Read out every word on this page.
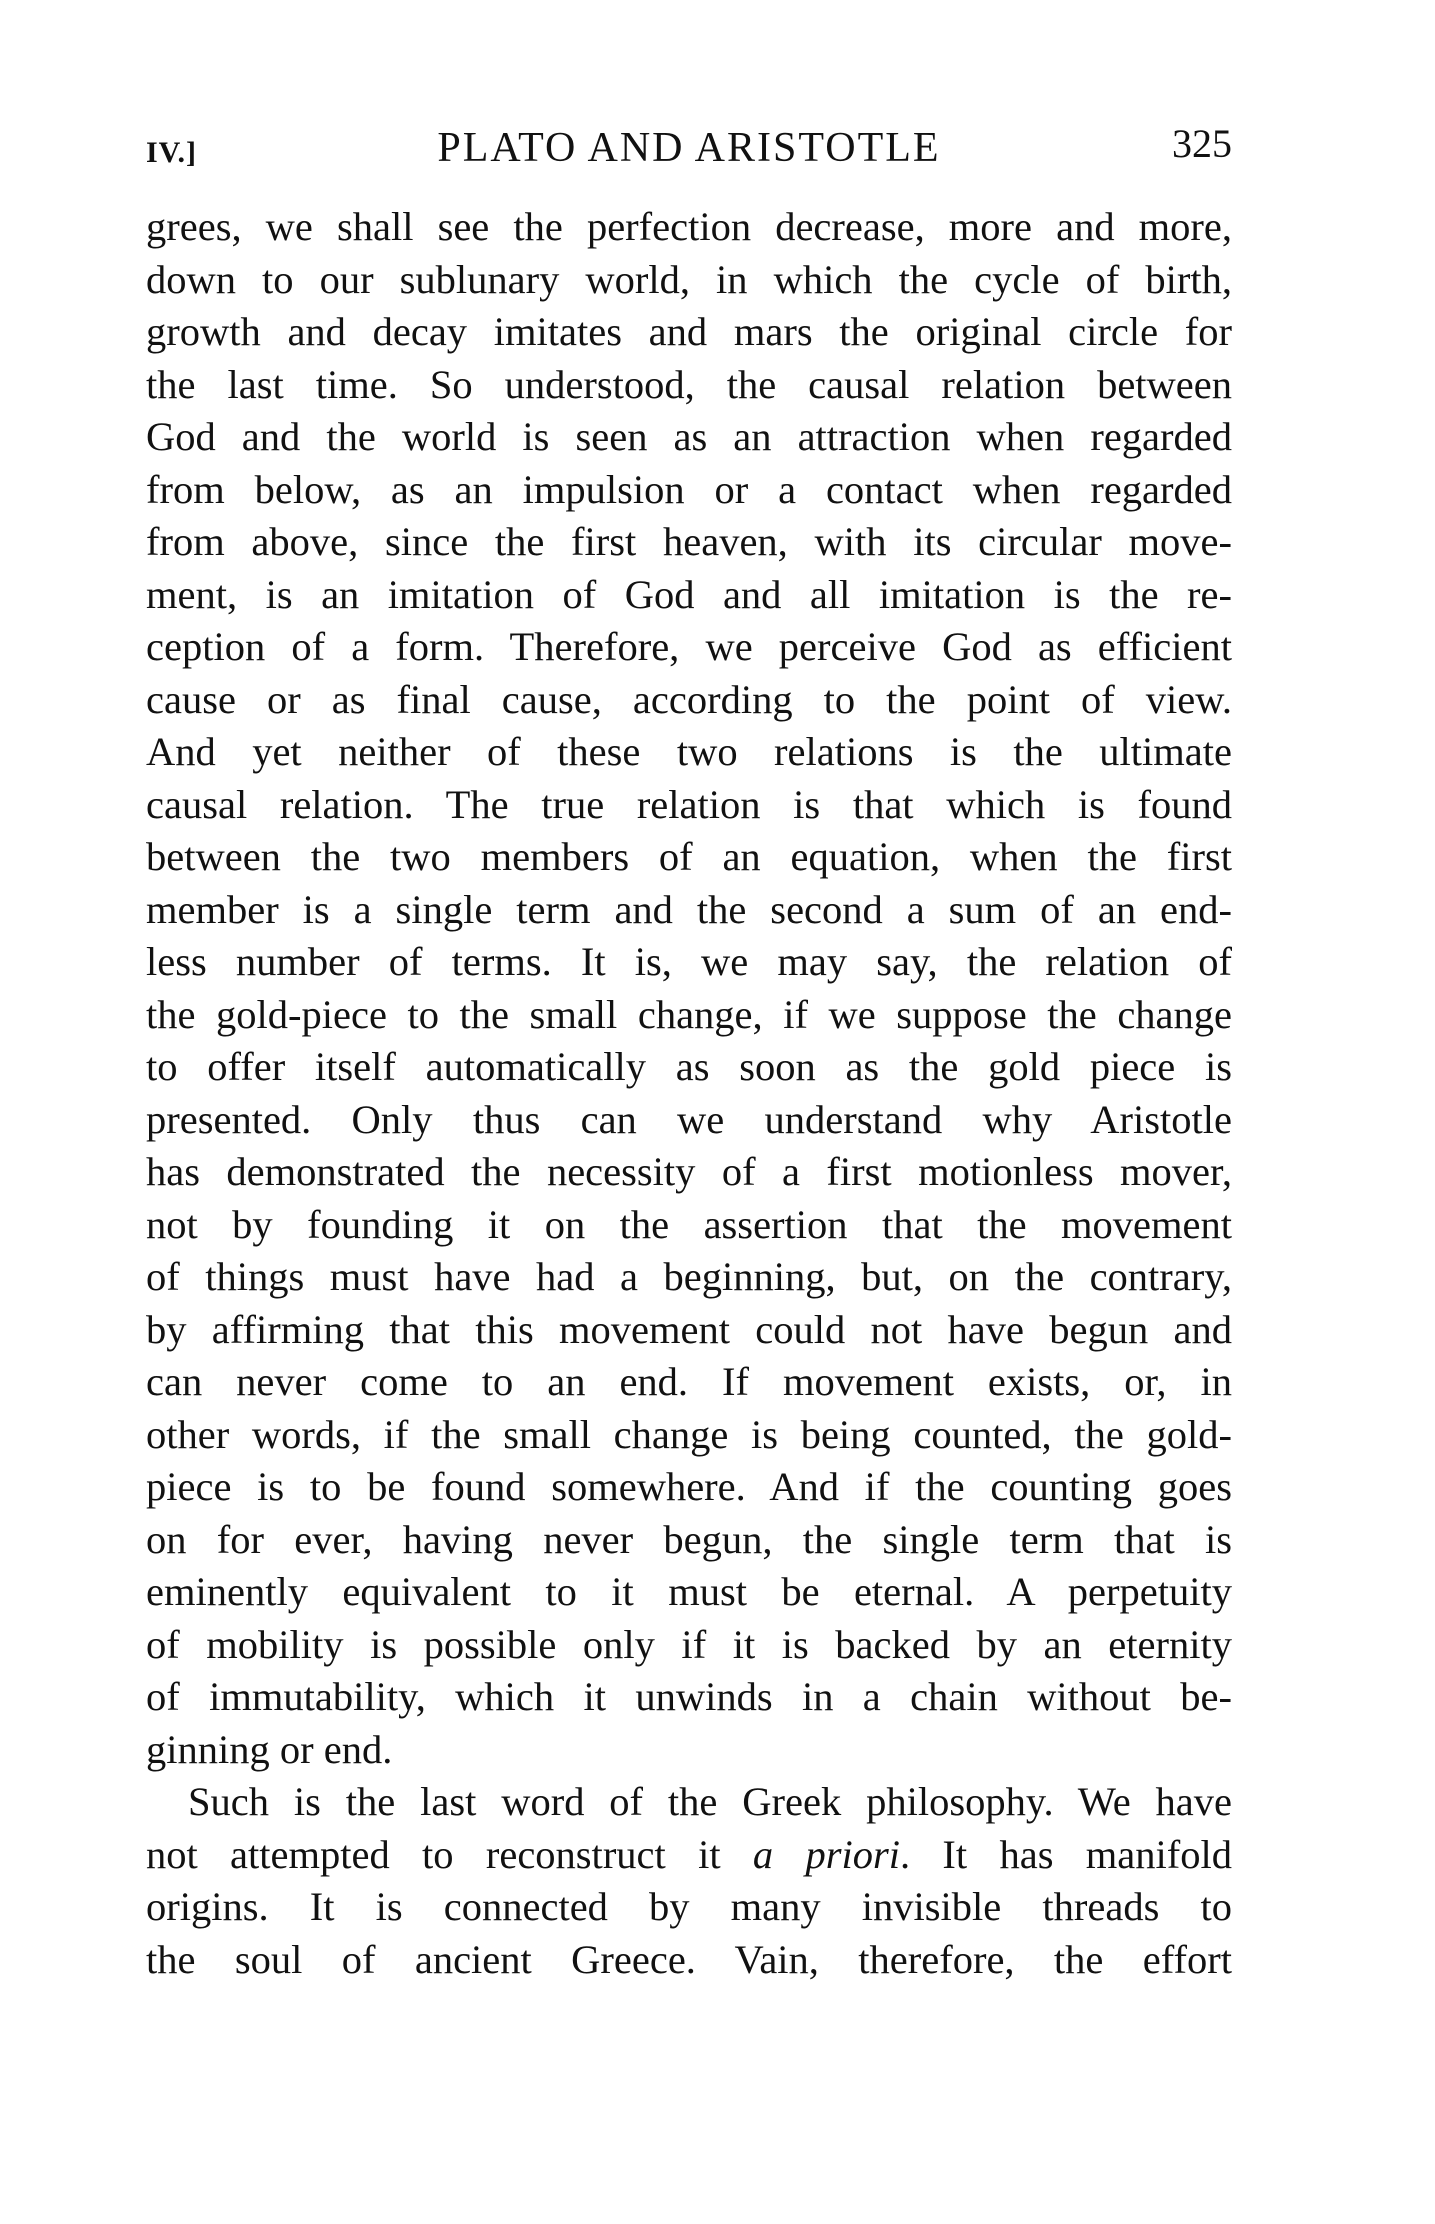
IV.]	PLATO AND ARISTOTLE	325
grees, we shall see the perfection decrease, more and more,
down to our sublunary world, in which the cycle of birth,
growth and decay imitates and mars the original circle for
the last time. So understood, the causal relation between
God and the world is seen as an attraction when regarded
from below, as an impulsion or a contact when regarded
from above, since the first heaven, with its circular move-
ment, is an imitation of God and all imitation is the re-
ception of a form. Therefore, we perceive God as efficient
cause or as final cause, according to the point of view.
And yet neither of these two relations is the ultimate
causal relation. The true relation is that which is found
between the two members of an equation, when the first
member is a single term and the second a sum of an end-
less number of terms. It is, we may say, the relation of
the gold-piece to the small change, if we suppose the change
to offer itself automatically as soon as the gold piece is
presented. Only thus can we understand why Aristotle
has demonstrated the necessity of a first motionless mover,
not by founding it on the assertion that the movement
of things must have had a beginning, but, on the contrary,
by affirming that this movement could not have begun and
can never come to an end. If movement exists, or, in
other words, if the small change is being counted, the gold-
piece is to be found somewhere. And if the counting goes
on for ever, having never begun, the single term that is
eminently equivalent to it must be eternal. A perpetuity
of mobility is possible only if it is backed by an eternity
of immutability, which it unwinds in a chain without be-
ginning or end.
Such is the last word of the Greek philosophy. We have
not attempted to reconstruct it a priori. It has manifold
origins. It is connected by many invisible threads to
the soul of ancient Greece. Vain, therefore, the effort
